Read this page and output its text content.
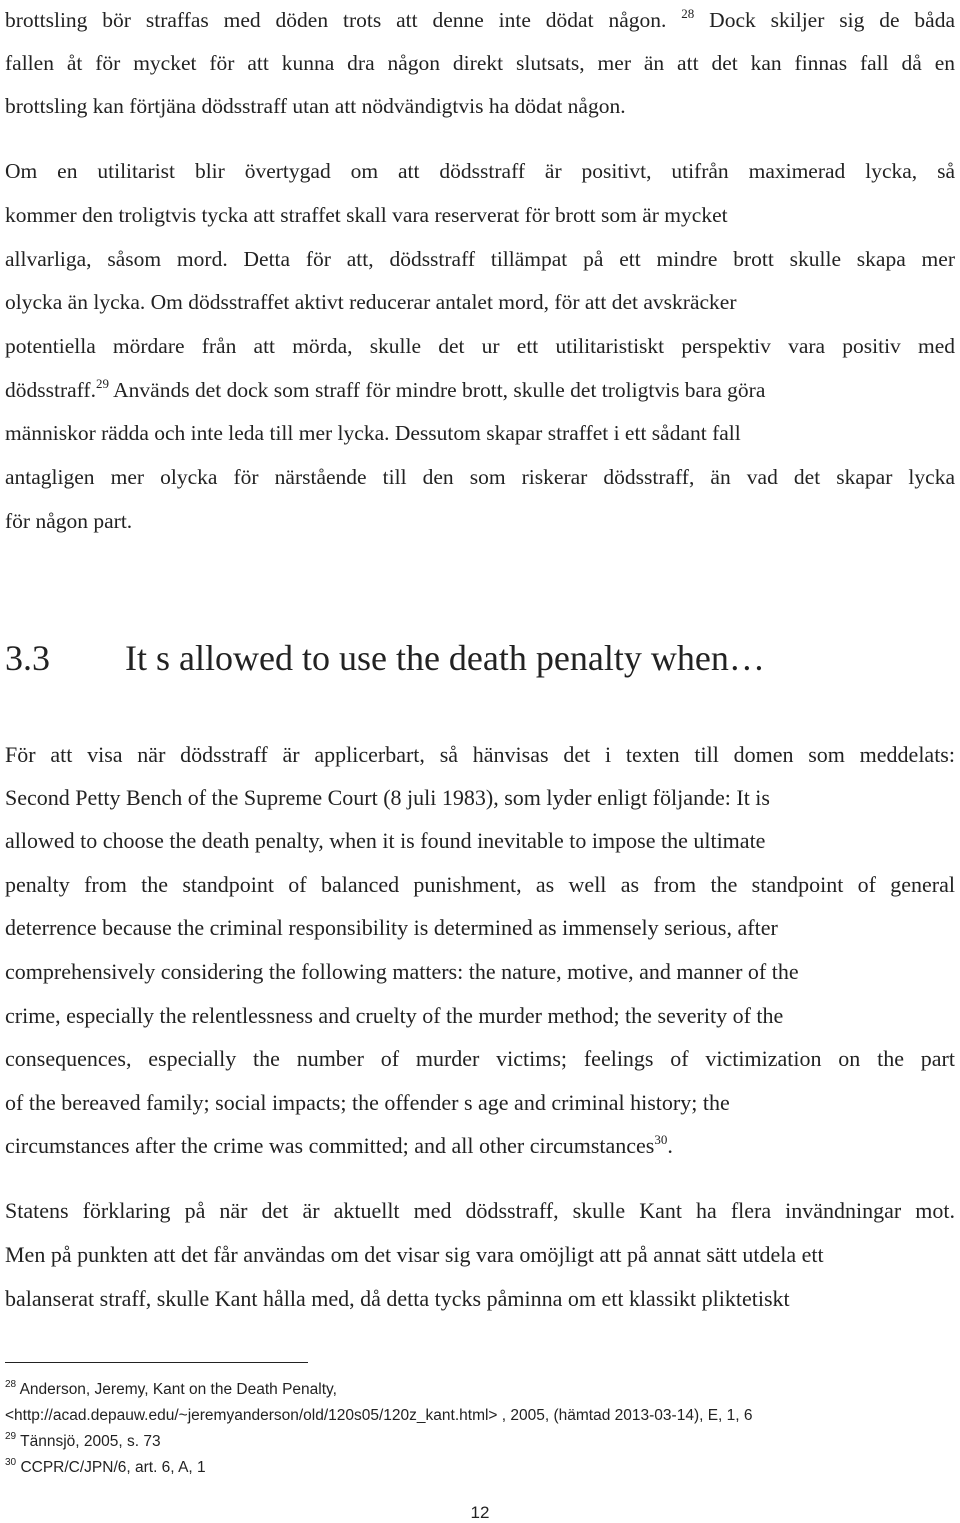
brottsling bör straffas med döden trots att denne inte dödat någon. $^{28}$ Dock skiljer sig de båda
fallen åt för mycket för att kunna dra någon direkt slutsats, mer än att det kan finnas fall då en
brottsling kan förtjäna dödsstraff utan att nödvändigtvis ha dödat någon.
Om en utilitarist blir övertygad om att dödsstraff är positivt, utifrån maximerad lycka, så
kommer den troligtvis tycka att straffet skall vara reserverat för brott som är mycket
allvarliga, såsom mord. Detta för att, dödsstraff tillämpat på ett mindre brott skulle skapa mer
olycka än lycka. Om dödsstraffet aktivt reducerar antalet mord, för att det avskräcker
potentiella mördare från att mörda, skulle det ur ett utilitaristiskt perspektiv vara positiv med
dödsstraff.$^{29}$ Används det dock som straff för mindre brott, skulle det troligtvis bara göra
människor rädda och inte leda till mer lycka. Dessutom skapar straffet i ett sådant fall
antagligen mer olycka för närstående till den som riskerar dödsstraff, än vad det skapar lycka
för någon part.
3.3 It s allowed to use the death penalty when…
För att visa när dödsstraff är applicerbart, så hänvisas det i texten till domen som meddelats:
Second Petty Bench of the Supreme Court (8 juli 1983), som lyder enligt följande: It is
allowed to choose the death penalty, when it is found inevitable to impose the ultimate
penalty from the standpoint of balanced punishment, as well as from the standpoint of general
deterrence because the criminal responsibility is determined as immensely serious, after
comprehensively considering the following matters: the nature, motive, and manner of the
crime, especially the relentlessness and cruelty of the murder method; the severity of the
consequences, especially the number of murder victims; feelings of victimization on the part
of the bereaved family; social impacts; the offender s age and criminal history; the
circumstances after the crime was committed; and all other circumstances$^{30}$.
Statens förklaring på när det är aktuellt med dödsstraff, skulle Kant ha flera invändningar mot.
Men på punkten att det får användas om det visar sig vara omöjligt att på annat sätt utdela ett
balanserat straff, skulle Kant hålla med, då detta tycks påminna om ett klassikt pliktetiskt
$^{28}$ Anderson, Jeremy, Kant on the Death Penalty,
<http://acad.depauw.edu/~jeremyanderson/old/120s05/120z_kant.html> , 2005, (hämtad 2013-03-14), E, 1, 6
$^{29}$ Tännsjö, 2005, s. 73
$^{30}$ CCPR/C/JPN/6, art. 6, A, 1
12
